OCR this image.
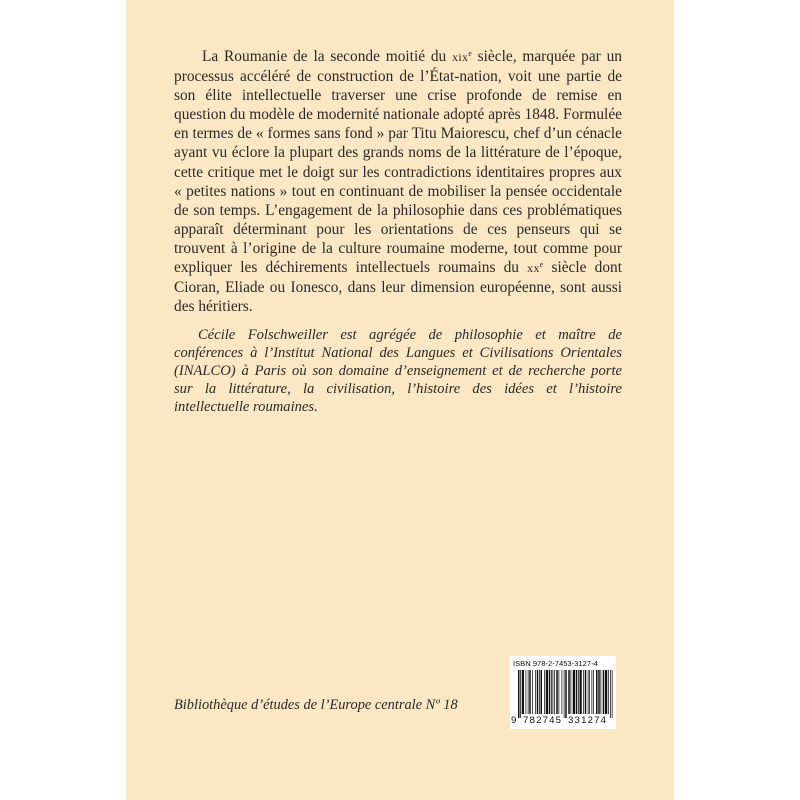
La Roumanie de la seconde moitié du xix$^e$ siècle, marquée par un processus accéléré de construction de l’État-nation, voit une partie de son élite intellectuelle traverser une crise profonde de remise en question du modèle de modernité nationale adopté après 1848. Formulée en termes de « formes sans fond » par Titu Maiorescu, chef d’un cénacle ayant vu éclore la plupart des grands noms de la littérature de l’époque, cette critique met le doigt sur les contradictions identitaires propres aux « petites nations » tout en continuant de mobiliser la pensée occidentale de son temps. L’engagement de la philosophie dans ces problématiques apparaît déterminant pour les orientations de ces penseurs qui se trouvent à l’origine de la culture roumaine moderne, tout comme pour expliquer les déchirements intellectuels roumains du $xx^e$ siècle dont Cioran, Eliade ou Ionesco, dans leur dimension européenne, sont aussi des héritiers.

Cécile Folschweiller est agrégée de philosophie et maître de conférences à l’Institut National des Langues et Civilisations Orientales (INALCO) à Paris où son domaine d’enseignement et de recherche porte sur la littérature, la civilisation, l’histoire des idées et l’histoire intellectuelle roumaines.

Bibliothèque d’études de l’Europe centrale Nº 18
ISBN 978-2-7453-3127-4
9 782745 331274
